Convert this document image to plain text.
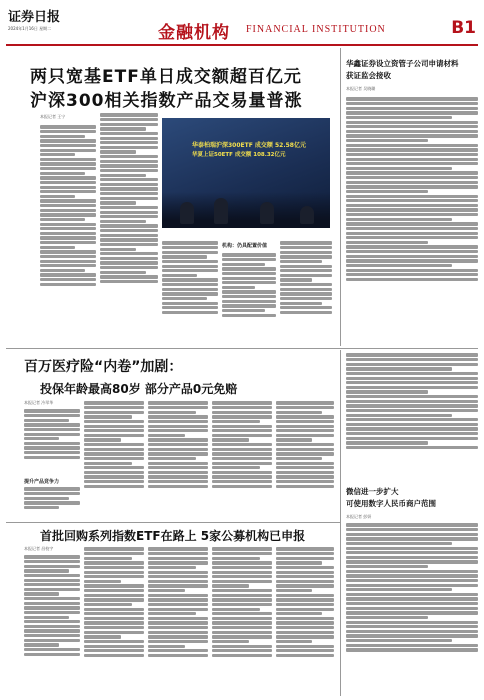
证券日报
2024年1月16日 星期二	金融机构 FINANCIAL INSTITUTION	B1
两只宽基ETF单日成交额超百亿元
沪深300相关指数产品交易量普涨
本报记者 王宁
华泰柏瑞沪深300ETF 成交额 52.58亿元
华夏上证50ETF 成交额 108.32亿元
机构：仍具配置价值
华鑫证券设立资管子公司申请材料
获证监会接收
本报记者 吴晓璐
百万医疗险“内卷”加剧：
投保年龄最高80岁 部分产品0元免赔
本报记者 冷翠华
提升产品竞争力
微信进一步扩大
可使用数字人民币商户范围
本报记者 彭妍
首批回购系列指数ETF在路上 5家公募机构已申报
本报记者 昌校宇
